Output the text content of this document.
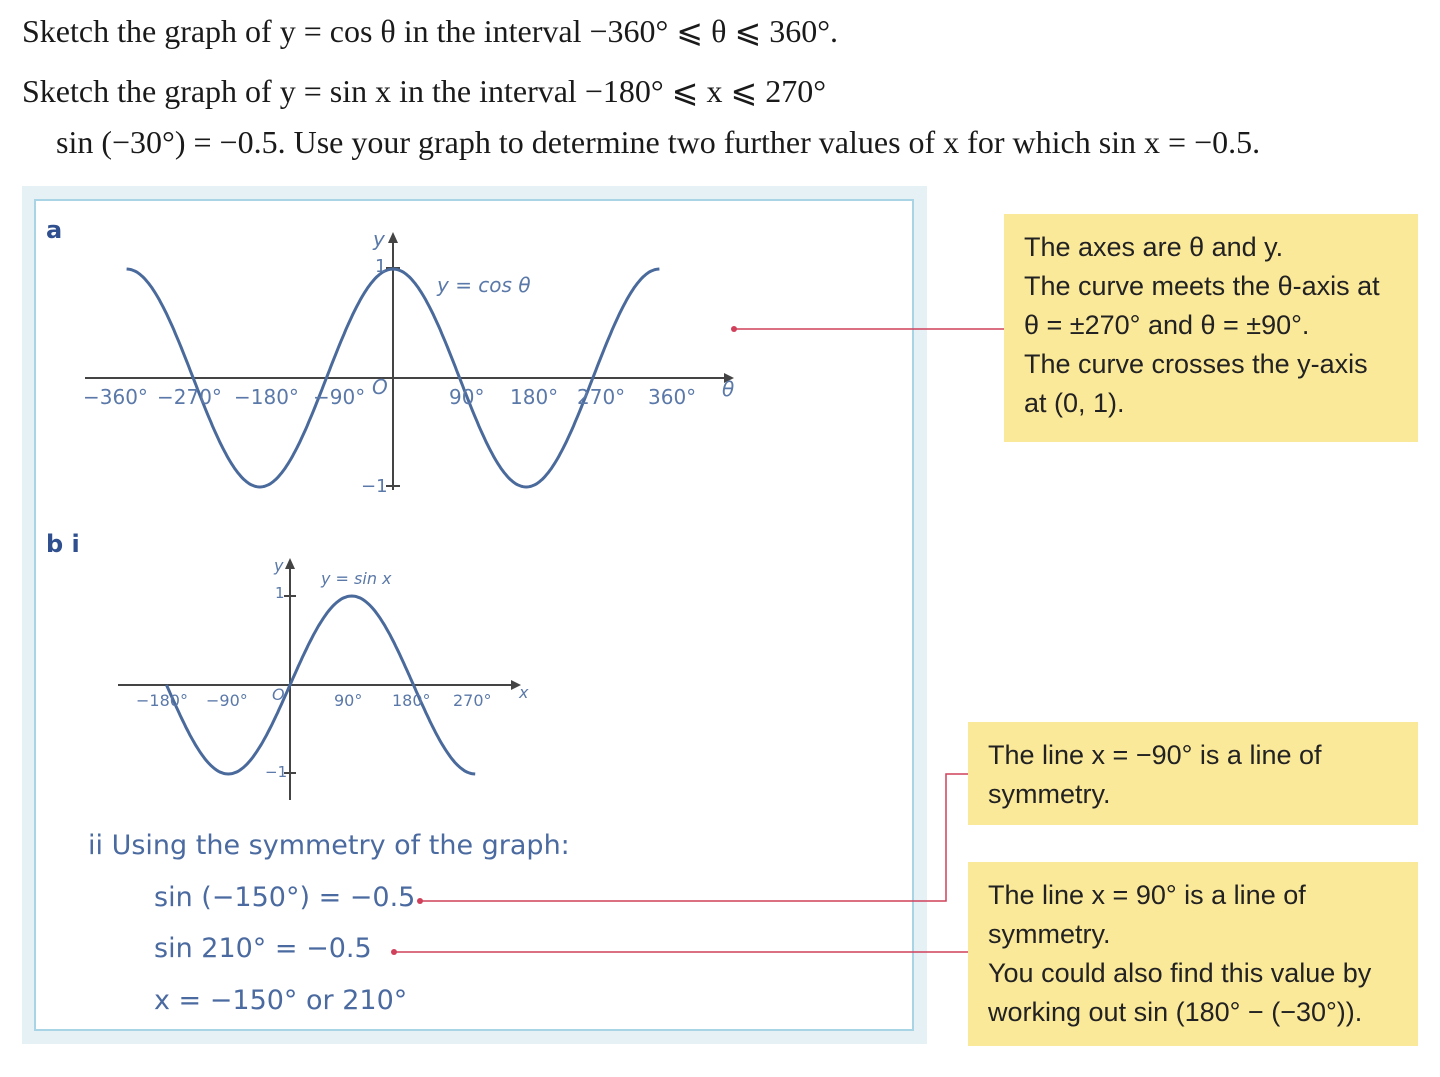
Sketch the graph of y = cos θ in the interval −360° ⩽ θ ⩽ 360°.
Sketch the graph of y = sin x in the interval −180° ⩽ x ⩽ 270°
sin (−30°) = −0.5. Use your graph to determine two further values of x for which sin x = −0.5.
a
b i
y
θ
O
1
−1
y = cos θ
−360° −270° −180° −90°	90° 180° 270° 360°
y
x
O
1
−1
y = sin x
−180° −90°	90° 180° 270°
ii Using the symmetry of the graph:
sin (−150°) = −0.5
sin 210° = −0.5
x = −150° or 210°
The axes are θ and y.
The curve meets the θ-axis at
θ = ±270° and θ = ±90°.
The curve crosses the y-axis
at (0, 1).
The line x = −90° is a line of
symmetry.
The line x = 90° is a line of
symmetry.
You could also find this value by
working out sin (180° − (−30°)).
